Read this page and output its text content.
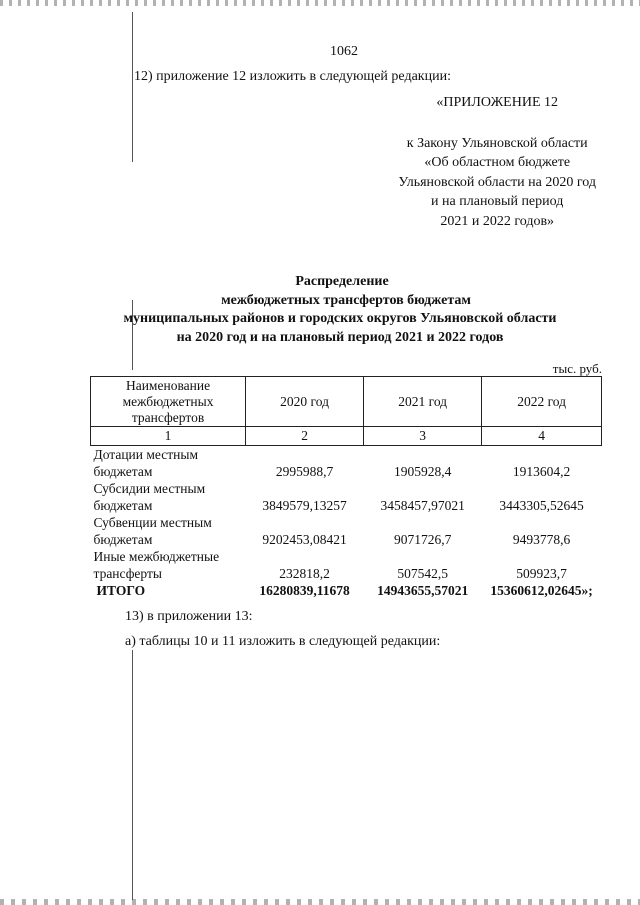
1062
12) приложение 12 изложить в следующей редакции:
«ПРИЛОЖЕНИЕ 12
к Закону Ульяновской области
«Об областном бюджете
Ульяновской области на 2020 год
и на плановый период
2021 и 2022 годов»
Распределение
межбюджетных трансфертов бюджетам
муниципальных районов и городских округов Ульяновской области
на 2020 год и на плановый период 2021 и 2022 годов
тыс. руб.
Наименование межбюджетных трансфертов	2020 год	2021 год	2022 год
1	2	3	4
Дотации местным бюджетам	2995988,7	1905928,4	1913604,2
Субсидии местным бюджетам	3849579,13257	3458457,97021	3443305,52645
Субвенции местным бюджетам	9202453,08421	9071726,7	9493778,6
Иные межбюджетные трансферты	232818,2	507542,5	509923,7
ИТОГО	16280839,11678	14943655,57021	15360612,02645»;
13) в приложении 13:
а) таблицы 10 и 11 изложить в следующей редакции:
